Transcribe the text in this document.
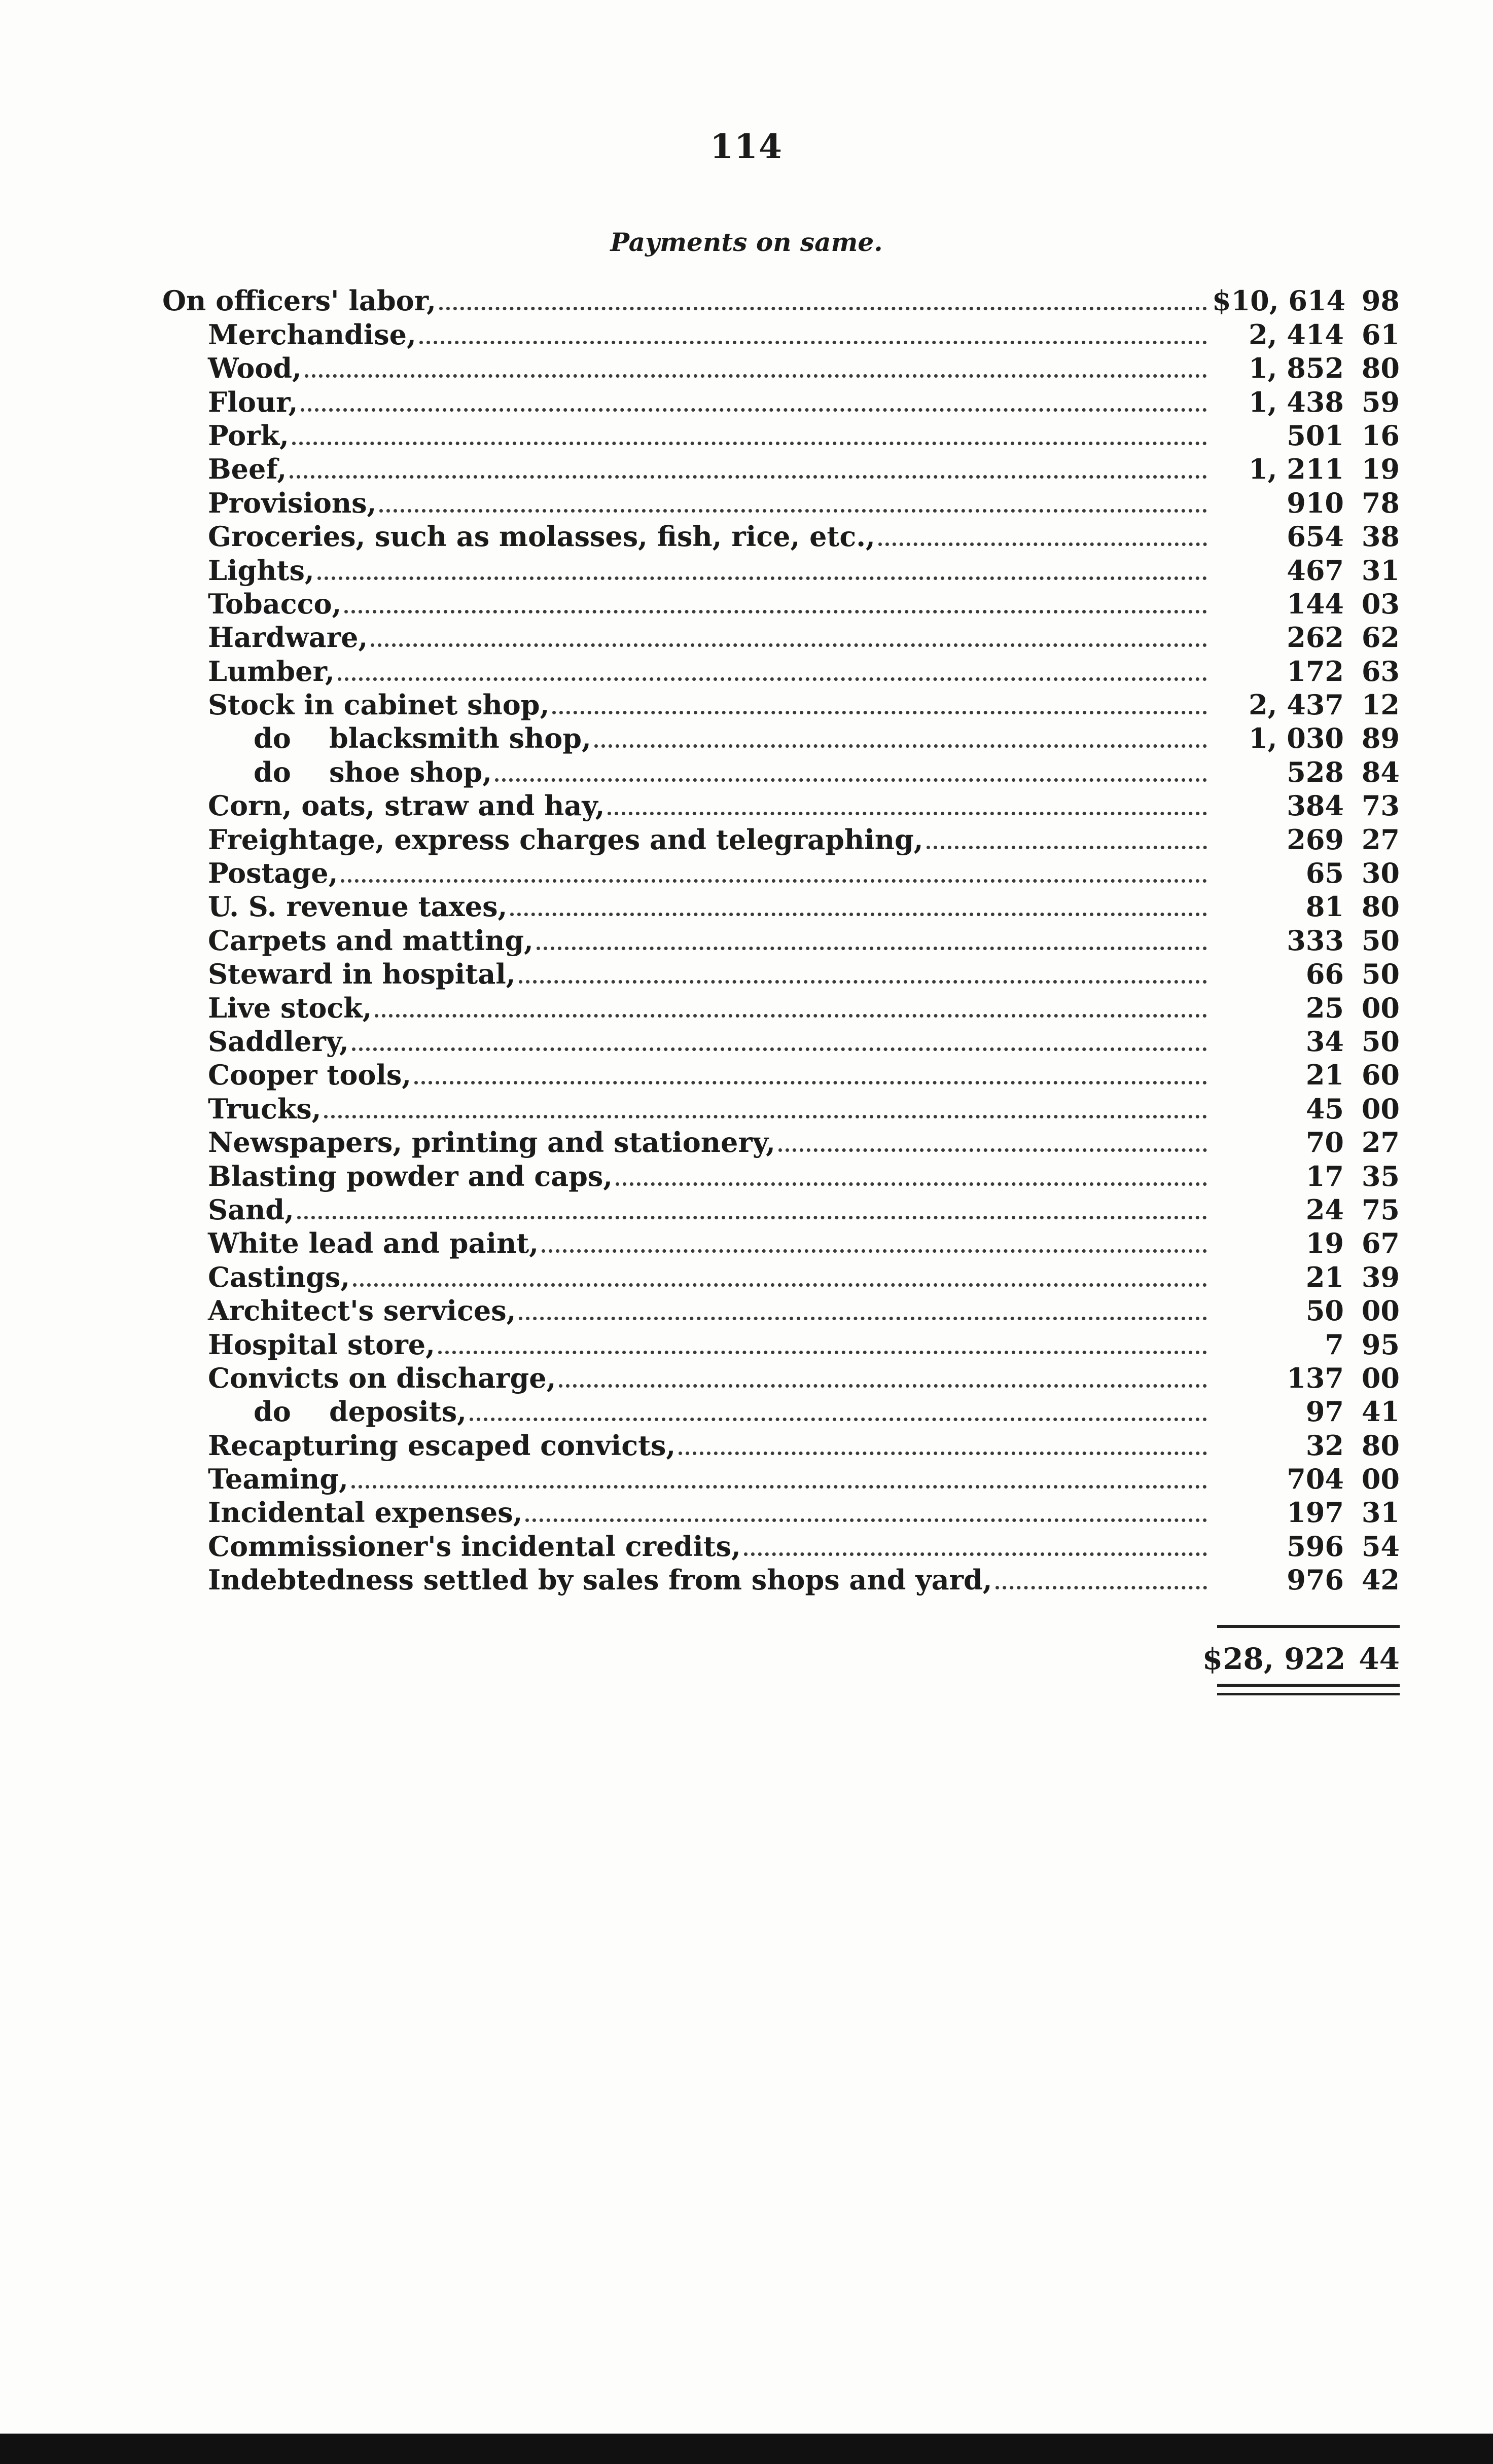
114
Payments on same.
On officers' labor,	$10, 614 98
Merchandise,	2, 414 61
Wood,	1, 852 80
Flour,	1, 438 59
Pork,	501 16
Beef,	1, 211 19
Provisions,	910 78
Groceries, such as molasses, fish, rice, etc.,	654 38
Lights,	467 31
Tobacco,	144 03
Hardware,	262 62
Lumber,	172 63
Stock in cabinet shop,	2, 437 12
do    blacksmith shop,	1, 030 89
do    shoe shop,	528 84
Corn, oats, straw and hay,	384 73
Freightage, express charges and telegraphing,	269 27
Postage,	65 30
U. S. revenue taxes,	81 80
Carpets and matting,	333 50
Steward in hospital,	66 50
Live stock,	25 00
Saddlery,	34 50
Cooper tools,	21 60
Trucks,	45 00
Newspapers, printing and stationery,	70 27
Blasting powder and caps,	17 35
Sand,	24 75
White lead and paint,	19 67
Castings,	21 39
Architect's services,	50 00
Hospital store,	7 95
Convicts on discharge,	137 00
do    deposits,	97 41
Recapturing escaped convicts,	32 80
Teaming,	704 00
Incidental expenses,	197 31
Commissioner's incidental credits,	596 54
Indebtedness settled by sales from shops and yard,	976 42
$28, 922 44
